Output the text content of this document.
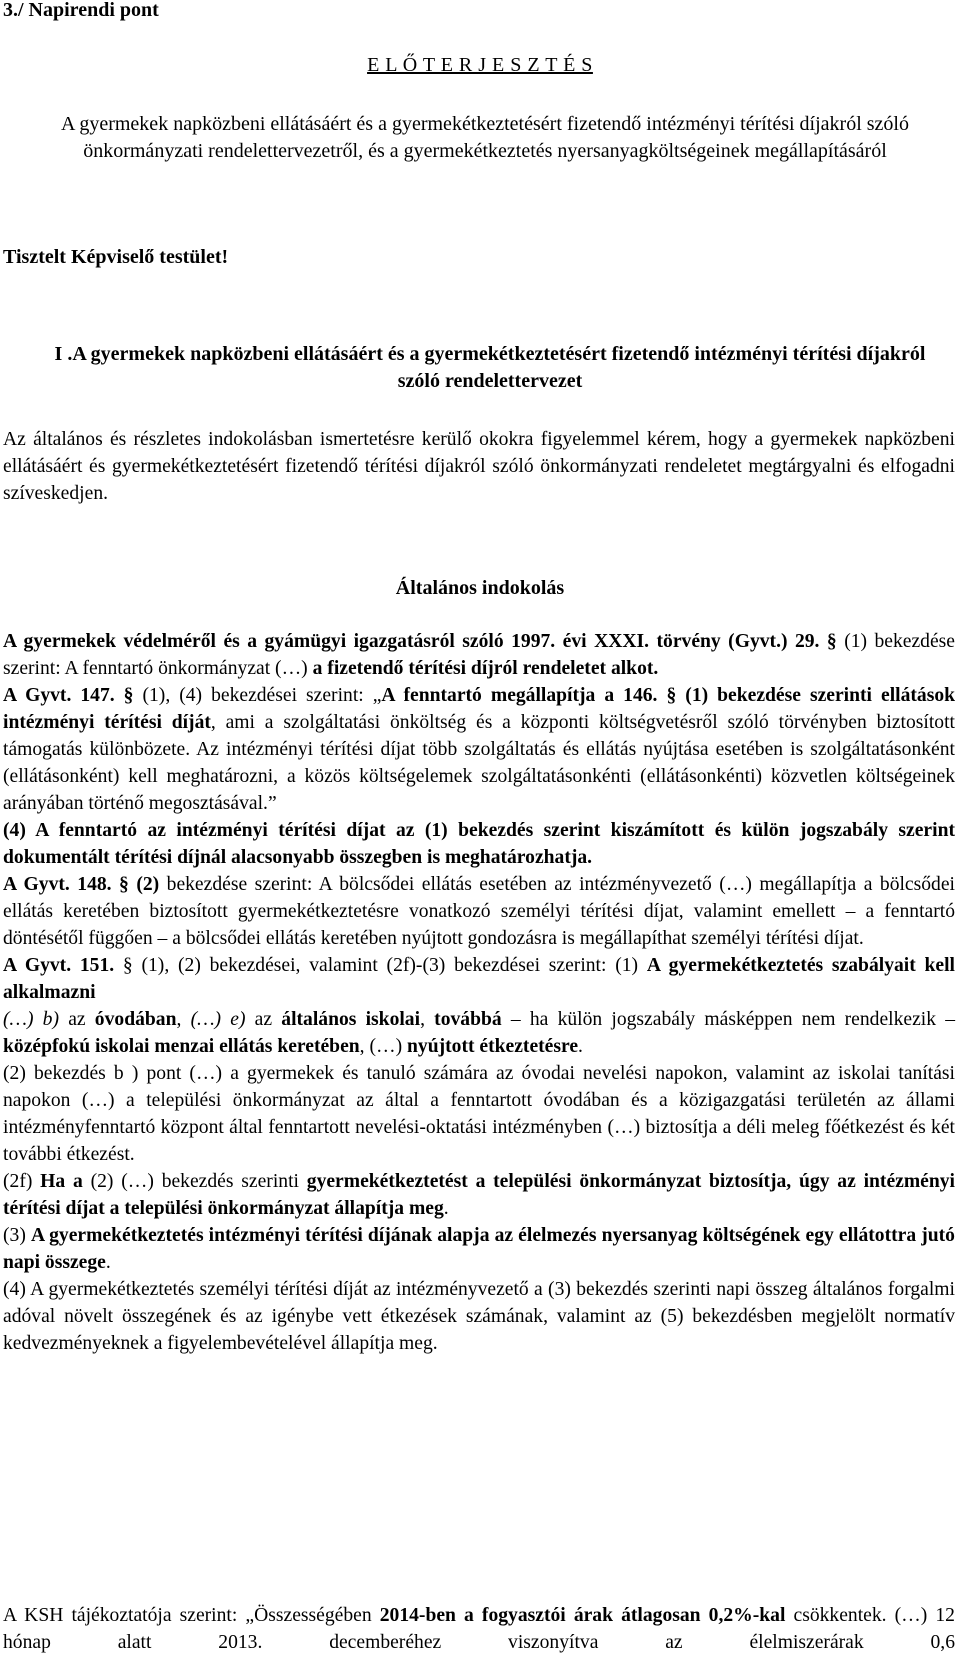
3./ Napirendi pont
E L Ő T E R J E S Z T É S
A gyermekek napközbeni ellátásáért és a gyermekétkeztetésért fizetendő intézményi térítési díjakról szóló önkormányzati rendelettervezetről, és a gyermekétkeztetés nyersanyagköltségeinek megállapításáról
Tisztelt Képviselő testület!
I .A gyermekek napközbeni ellátásáért és a gyermekétkeztetésért fizetendő intézményi térítési díjakról szóló rendelettervezet
Az általános és részletes indokolásban ismertetésre kerülő okokra figyelemmel kérem, hogy a gyermekek napközbeni ellátásáért és gyermekétkeztetésért fizetendő térítési díjakról szóló önkormányzati rendeletet megtárgyalni és elfogadni szíveskedjen.
Általános indokolás

A gyermekek védelméről és a gyámügyi igazgatásról szóló 1997. évi XXXI. törvény (Gyvt.) 29. § (1) bekezdése szerint: A fenntartó önkormányzat (…) a fizetendő térítési díjról rendeletet alkot.

A Gyvt. 147. § (1), (4) bekezdései szerint: „A fenntartó megállapítja a 146. § (1) bekezdése szerinti ellátások intézményi térítési díját, ami a szolgáltatási önköltség és a központi költségvetésről szóló törvényben biztosított támogatás különbözete. Az intézményi térítési díjat több szolgáltatás és ellátás nyújtása esetében is szolgáltatásonként (ellátásonként) kell meghatározni, a közös költségelemek szolgáltatásonkénti (ellátásonkénti) közvetlen költségeinek arányában történő megosztásával.”

(4) A fenntartó az intézményi térítési díjat az (1) bekezdés szerint kiszámított és külön jogszabály szerint dokumentált térítési díjnál alacsonyabb összegben is meghatározhatja.

A Gyvt. 148. § (2) bekezdése szerint: A bölcsődei ellátás esetében az intézményvezető (…) megállapítja a bölcsődei ellátás keretében biztosított gyermekétkeztetésre vonatkozó személyi térítési díjat, valamint emellett – a fenntartó döntésétől függően – a bölcsődei ellátás keretében nyújtott gondozásra is megállapíthat személyi térítési díjat.

A Gyvt. 151. § (1), (2) bekezdései, valamint (2f)-(3) bekezdései szerint: (1) A gyermekétkeztetés szabályait kell alkalmazni

(…) b) az óvodában, (…) e) az általános iskolai, továbbá – ha külön jogszabály másképpen nem rendelkezik – középfokú iskolai menzai ellátás keretében, (…) nyújtott étkeztetésre.

(2) bekezdés b ) pont (…) a gyermekek és tanuló számára az óvodai nevelési napokon, valamint az iskolai tanítási napokon (…) a települési önkormányzat az által a fenntartott óvodában és a közigazgatási területén az állami intézményfenntartó központ által fenntartott nevelési-oktatási intézményben (…) biztosítja a déli meleg főétkezést és két további étkezést.

(2f) Ha a (2) (…) bekezdés szerinti gyermekétkeztetést a települési önkormányzat biztosítja, úgy az intézményi térítési díjat a települési önkormányzat állapítja meg.

(3) A gyermekétkeztetés intézményi térítési díjának alapja az élelmezés nyersanyag költségének egy ellátottra jutó napi összege.

(4) A gyermekétkeztetés személyi térítési díját az intézményvezető a (3) bekezdés szerinti napi összeg általános forgalmi adóval növelt összegének és az igénybe vett étkezések számának, valamint az (5) bekezdésben megjelölt normatív kedvezményeknek a figyelembevételével állapítja meg.

A KSH tájékoztatója szerint: „Összességében 2014-ben a fogyasztói árak átlagosan 0,2%-kal csökkentek. (…) 12 hónap alatt 2013. decemberéhez viszonyítva az élelmiszerárak 0,6
